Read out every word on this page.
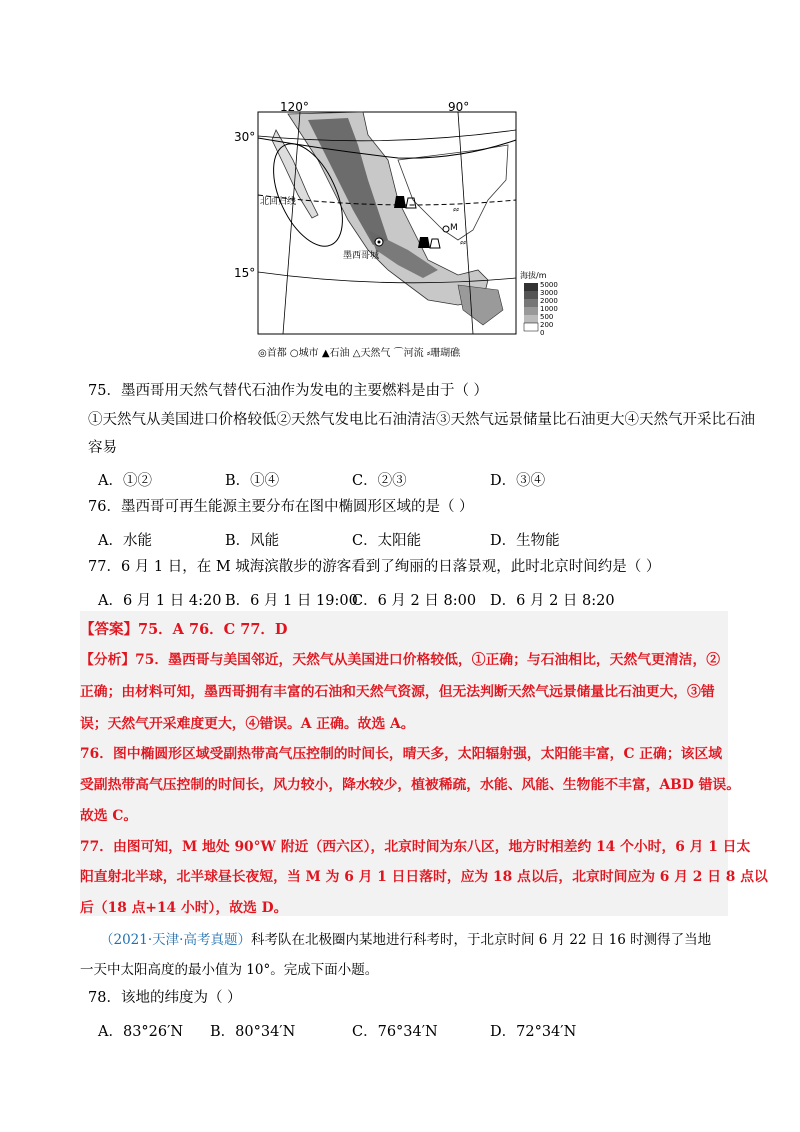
⸗⸗
⸗⸗
120°	90°
30°
15°
北回归线
墨西哥城
M
海拔/m
5000
3000
2000
1000
500
200
0
◎首都 ○城市 ▲石油 △天然气 ⌒河流 ⸗珊瑚礁
75．墨西哥用天然气替代石油作为发电的主要燃料是由于（ ）
①天然气从美国进口价格较低②天然气发电比石油清洁③天然气远景储量比石油更大④天然气开采比石油
容易
A．①②	B．①④	C．②③	D．③④
76．墨西哥可再生能源主要分布在图中椭圆形区域的是（ ）
A．水能	B．风能	C．太阳能	D．生物能
77．6 月 1 日，在 M 城海滨散步的游客看到了绚丽的日落景观，此时北京时间约是（ ）
A．6 月 1 日 4:20 B．6 月 1 日 19:00
C．6 月 2 日 8:00 D．6 月 2 日 8:20
【答案】75．A 76．C 77．D
【分析】75．墨西哥与美国邻近，天然气从美国进口价格较低，①正确；与石油相比，天然气更清洁，②
正确；由材料可知，墨西哥拥有丰富的石油和天然气资源，但无法判断天然气远景储量比石油更大，③错
误；天然气开采难度更大，④错误。A 正确。故选 A。
76．图中椭圆形区域受副热带高气压控制的时间长，晴天多，太阳辐射强，太阳能丰富，C 正确；该区域
受副热带高气压控制的时间长，风力较小，降水较少，植被稀疏，水能、风能、生物能不丰富，ABD 错误。
故选 C。
77．由图可知，M 地处 90°W 附近（西六区），北京时间为东八区，地方时相差约 14 个小时，6 月 1 日太
阳直射北半球，北半球昼长夜短，当 M 为 6 月 1 日日落时，应为 18 点以后，北京时间应为 6 月 2 日 8 点以
后（18 点+14 小时），故选 D。
（2021·天津·高考真题）科考队在北极圈内某地进行科考时，于北京时间 6 月 22 日 16 时测得了当地
一天中太阳高度的最小值为 10°。完成下面小题。
78．该地的纬度为（ ）
A．83°26′N B．80°34′N	C．76°34′N	D．72°34′N
